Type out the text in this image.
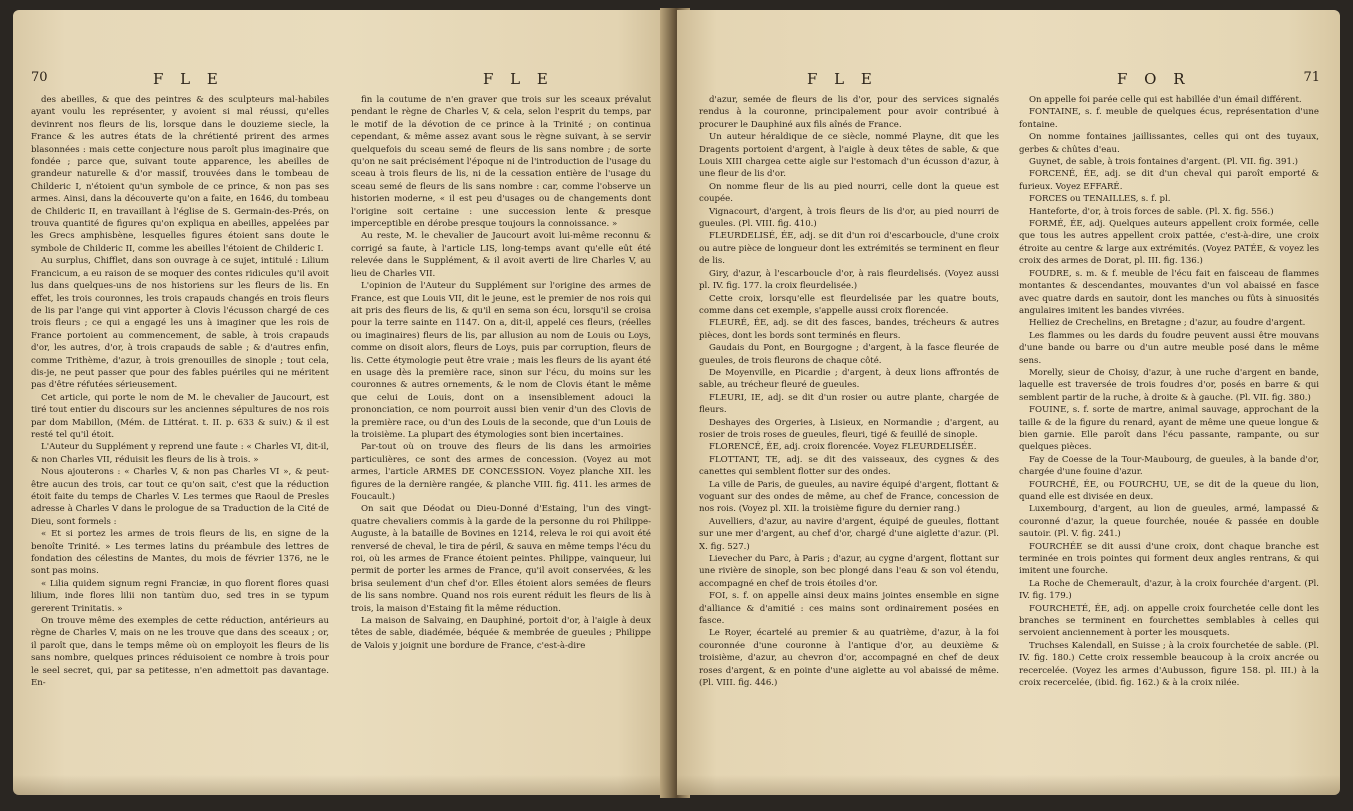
70	F L E	F L E

des abeilles, & que des peintres & des sculpteurs mal-habiles ayant voulu les représenter, y avoient si mal réussi, qu'elles devinrent nos fleurs de lis, lorsque dans le douzieme siecle, la France & les autres états de la chrétienté prirent des armes blasonnées : mais cette conjecture nous paroît plus imaginaire que fondée ; parce que, suivant toute apparence, les abeilles de grandeur naturelle & d'or massif, trouvées dans le tombeau de Childeric I, n'étoient qu'un symbole de ce prince, & non pas ses armes. Ainsi, dans la découverte qu'on a faite, en 1646, du tombeau de Childeric II, en travaillant à l'église de S. Germain-des-Prés, on trouva quantité de figures qu'on expliqua en abeilles, appelées par les Grecs amphisbène, lesquelles figures étoient sans doute le symbole de Childeric II, comme les abeilles l'étoient de Childeric I.

Au surplus, Chifflet, dans son ouvrage à ce sujet, intitulé : Lilium Francicum, a eu raison de se moquer des contes ridicules qu'il avoit lus dans quelques-uns de nos historiens sur les fleurs de lis. En effet, les trois couronnes, les trois crapauds changés en trois fleurs de lis par l'ange qui vint apporter à Clovis l'écusson chargé de ces trois fleurs ; ce qui a engagé les uns à imaginer que les rois de France portoient au commencement, de sable, à trois crapauds d'or, les autres, d'or, à trois crapauds de sable ; & d'autres enfin, comme Trithème, d'azur, à trois grenouilles de sinople ; tout cela, dis-je, ne peut passer que pour des fables puériles qui ne méritent pas d'être réfutées sérieusement.

Cet article, qui porte le nom de M. le chevalier de Jaucourt, est tiré tout entier du discours sur les anciennes sépultures de nos rois par dom Mabillon, (Mém. de Littérat. t. II. p. 633 & suiv.) & il est resté tel qu'il étoit.

L'Auteur du Supplément y reprend une faute : « Charles VI, dit-il, & non Charles VII, réduisit les fleurs de lis à trois. »

Nous ajouterons : « Charles V, & non pas Charles VI », & peut-être aucun des trois, car tout ce qu'on sait, c'est que la réduction étoit faite du temps de Charles V. Les termes que Raoul de Presles adresse à Charles V dans le prologue de sa Traduction de la Cité de Dieu, sont formels :

« Et si portez les armes de trois fleurs de lis, en signe de la benoîte Trinité. » Les termes latins du préambule des lettres de fondation des célestins de Mantes, du mois de février 1376, ne le sont pas moins.

« Lilia quidem signum regni Franciæ, in quo florent flores quasi lilium, inde flores lilii non tantùm duo, sed tres in se typum gererent Trinitatis. »

On trouve même des exemples de cette réduction, antérieurs au règne de Charles V, mais on ne les trouve que dans des sceaux ; or, il paroît que, dans le temps même où on employoit les fleurs de lis sans nombre, quelques princes réduisoient ce nombre à trois pour le seel secret, qui, par sa petitesse, n'en admettoit pas davantage. En-

fin la coutume de n'en graver que trois sur les sceaux prévalut pendant le règne de Charles V, & cela, selon l'esprit du temps, par le motif de la dévotion de ce prince à la Trinité ; on continua cependant, & même assez avant sous le règne suivant, à se servir quelquefois du sceau semé de fleurs de lis sans nombre ; de sorte qu'on ne sait précisément l'époque ni de l'introduction de l'usage du sceau à trois fleurs de lis, ni de la cessation entière de l'usage du sceau semé de fleurs de lis sans nombre : car, comme l'observe un historien moderne, « il est peu d'usages ou de changements dont l'origine soit certaine : une succession lente & presque imperceptible en dérobe presque toujours la connoissance. »

Au reste, M. le chevalier de Jaucourt avoit lui-même reconnu & corrigé sa faute, à l'article LIS, long-temps avant qu'elle eût été relevée dans le Supplément, & il avoit averti de lire Charles V, au lieu de Charles VII.

L'opinion de l'Auteur du Supplément sur l'origine des armes de France, est que Louis VII, dit le jeune, est le premier de nos rois qui ait pris des fleurs de lis, & qu'il en sema son écu, lorsqu'il se croisa pour la terre sainte en 1147. On a, dit-il, appelé ces fleurs, (réelles ou imaginaires) fleurs de lis, par allusion au nom de Louis ou Loys, comme on disoit alors, fleurs de Loys, puis par corruption, fleurs de lis. Cette étymologie peut être vraie ; mais les fleurs de lis ayant été en usage dès la première race, sinon sur l'écu, du moins sur les couronnes & autres ornements, & le nom de Clovis étant le même que celui de Louis, dont on a insensiblement adouci la prononciation, ce nom pourroit aussi bien venir d'un des Clovis de la première race, ou d'un des Louis de la seconde, que d'un Louis de la troisième. La plupart des étymologies sont bien incertaines.

Par-tout où on trouve des fleurs de lis dans les armoiries particulières, ce sont des armes de concession. (Voyez au mot armes, l'article ARMES DE CONCESSION. Voyez planche XII. les figures de la dernière rangée, & planche VIII. fig. 411. les armes de Foucault.)

On sait que Déodat ou Dieu-Donné d'Estaing, l'un des vingt-quatre chevaliers commis à la garde de la personne du roi Philippe-Auguste, à la bataille de Bovines en 1214, releva le roi qui avoit été renversé de cheval, le tira de péril, & sauva en même temps l'écu du roi, où les armes de France étoient peintes. Philippe, vainqueur, lui permit de porter les armes de France, qu'il avoit conservées, & les brisa seulement d'un chef d'or. Elles étoient alors semées de fleurs de lis sans nombre. Quand nos rois eurent réduit les fleurs de lis à trois, la maison d'Estaing fit la même réduction.

La maison de Salvaing, en Dauphiné, portoit d'or, à l'aigle à deux têtes de sable, diadémée, béquée & membrée de gueules ; Philippe de Valois y joignit une bordure de France, c'est-à-dire

F L E	F O R	71

d'azur, semée de fleurs de lis d'or, pour des services signalés rendus à la couronne, principalement pour avoir contribué à procurer le Dauphiné aux fils aînés de France.

Un auteur héraldique de ce siècle, nommé Playne, dit que les Dragents portoient d'argent, à l'aigle à deux têtes de sable, & que Louis XIII chargea cette aigle sur l'estomach d'un écusson d'azur, à une fleur de lis d'or.

On nomme fleur de lis au pied nourri, celle dont la queue est coupée.

Vignacourt, d'argent, à trois fleurs de lis d'or, au pied nourri de gueules. (Pl. VIII. fig. 410.)

FLEURDELISÉ, ÉE, adj. se dit d'un roi d'escarboucle, d'une croix ou autre pièce de longueur dont les extrémités se terminent en fleur de lis.

Giry, d'azur, à l'escarboucle d'or, à rais fleurdelisés. (Voyez aussi pl. IV. fig. 177. la croix fleurdelisée.)

Cette croix, lorsqu'elle est fleurdelisée par les quatre bouts, comme dans cet exemple, s'appelle aussi croix florencée.

FLEURÉ, ÉE, adj. se dit des fasces, bandes, trécheurs & autres pièces, dont les bords sont terminés en fleurs.

Gaudais du Pont, en Bourgogne ; d'argent, à la fasce fleurée de gueules, de trois fleurons de chaque côté.

De Moyenville, en Picardie ; d'argent, à deux lions affrontés de sable, au trécheur fleuré de gueules.

FLEURI, IE, adj. se dit d'un rosier ou autre plante, chargée de fleurs.

Deshayes des Orgeries, à Lisieux, en Normandie ; d'argent, au rosier de trois roses de gueules, fleuri, tigé & feuillé de sinople.

FLORENCÉ, ÉE, adj. croix florencée. Voyez FLEURDELISÉE.

FLOTTANT, TE, adj. se dit des vaisseaux, des cygnes & des canettes qui semblent flotter sur des ondes.

La ville de Paris, de gueules, au navire équipé d'argent, flottant & voguant sur des ondes de même, au chef de France, concession de nos rois. (Voyez pl. XII. la troisième figure du dernier rang.)

Auvelliers, d'azur, au navire d'argent, équipé de gueules, flottant sur une mer d'argent, au chef d'or, chargé d'une aiglette d'azur. (Pl. X. fig. 527.)

Lievecher du Parc, à Paris ; d'azur, au cygne d'argent, flottant sur une rivière de sinople, son bec plongé dans l'eau & son vol étendu, accompagné en chef de trois étoiles d'or.

FOI, s. f. on appelle ainsi deux mains jointes ensemble en signe d'alliance & d'amitié : ces mains sont ordinairement posées en fasce.

Le Royer, écartelé au premier & au quatrième, d'azur, à la foi couronnée d'une couronne à l'antique d'or, au deuxième & troisième, d'azur, au chevron d'or, accompagné en chef de deux roses d'argent, & en pointe d'une aiglette au vol abaissé de même. (Pl. VIII. fig. 446.)

On appelle foi parée celle qui est habillée d'un émail différent.

FONTAINE, s. f. meuble de quelques écus, représentation d'une fontaine.

On nomme fontaines jaillissantes, celles qui ont des tuyaux, gerbes & chûtes d'eau.

Guynet, de sable, à trois fontaines d'argent. (Pl. VII. fig. 391.)

FORCENÉ, ÉE, adj. se dit d'un cheval qui paroît emporté & furieux. Voyez EFFARÉ.

FORCES ou TENAILLES, s. f. pl.

Hanteforte, d'or, à trois forces de sable. (Pl. X. fig. 556.)

FORMÉ, ÉE, adj. Quelques auteurs appellent croix formée, celle que tous les autres appellent croix pattée, c'est-à-dire, une croix étroite au centre & large aux extrémités. (Voyez PATÉE, & voyez les croix des armes de Dorat, pl. III. fig. 136.)

FOUDRE, s. m. & f. meuble de l'écu fait en faisceau de flammes montantes & descendantes, mouvantes d'un vol abaissé en fasce avec quatre dards en sautoir, dont les manches ou fûts à sinuosités angulaires imitent les bandes vivrées.

Helliez de Crechelins, en Bretagne ; d'azur, au foudre d'argent.

Les flammes ou les dards du foudre peuvent aussi être mouvans d'une bande ou barre ou d'un autre meuble posé dans le même sens.

Morelly, sieur de Choisy, d'azur, à une ruche d'argent en bande, laquelle est traversée de trois foudres d'or, posés en barre & qui semblent partir de la ruche, à droite & à gauche. (Pl. VII. fig. 380.)

FOUINE, s. f. sorte de martre, animal sauvage, approchant de la taille & de la figure du renard, ayant de même une queue longue & bien garnie. Elle paroît dans l'écu passante, rampante, ou sur quelques pièces.

Fay de Coesse de la Tour-Maubourg, de gueules, à la bande d'or, chargée d'une fouine d'azur.

FOURCHÉ, ÉE, ou FOURCHU, UE, se dit de la queue du lion, quand elle est divisée en deux.

Luxembourg, d'argent, au lion de gueules, armé, lampassé & couronné d'azur, la queue fourchée, nouée & passée en double sautoir. (Pl. V. fig. 241.)

FOURCHÉE se dit aussi d'une croix, dont chaque branche est terminée en trois pointes qui forment deux angles rentrans, & qui imitent une fourche.

La Roche de Chemerault, d'azur, à la croix fourchée d'argent. (Pl. IV. fig. 179.)

FOURCHETÉ, ÉE, adj. on appelle croix fourchetée celle dont les branches se terminent en fourchettes semblables à celles qui servoient anciennement à porter les mousquets.

Truchses Kalendall, en Suisse ; à la croix fourchetée de sable. (Pl. IV. fig. 180.) Cette croix ressemble beaucoup à la croix ancrée ou recercelée. (Voyez les armes d'Aubusson, figure 158. pl. III.) à la croix recercelée, (ibid. fig. 162.) & à la croix nilée.
